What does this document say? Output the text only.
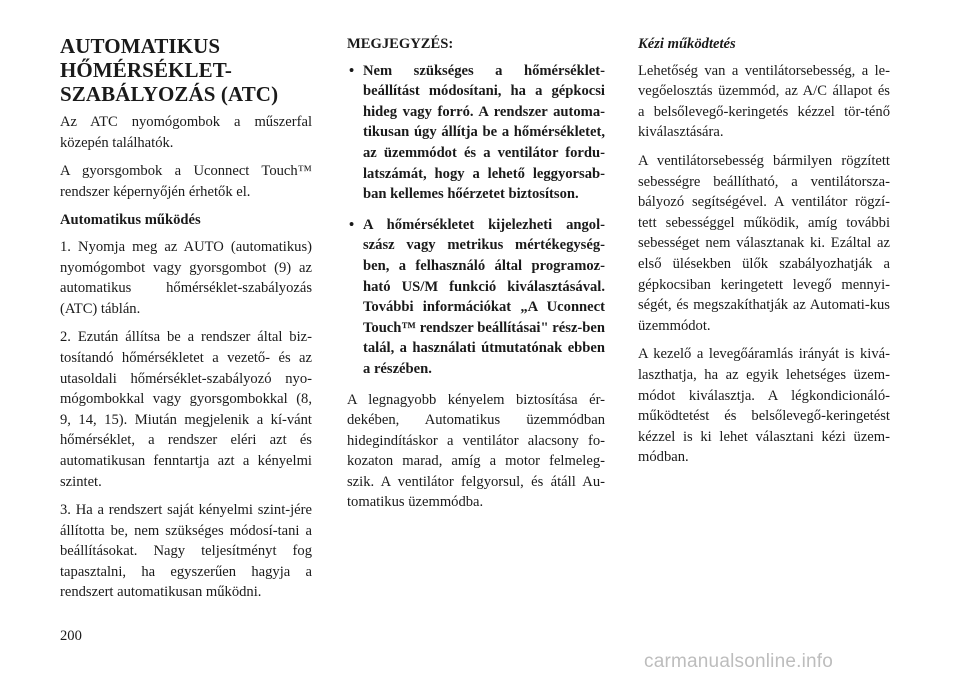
AUTOMATIKUS
HŐMÉRSÉKLET-
SZABÁLYOZÁS (ATC)

Az ATC nyomógombok a műszerfal közepén találhatók.

A gyorsgombok a Uconnect Touch™ rendszer képernyőjén érhetők el.

Automatikus működés

1. Nyomja meg az AUTO (automatikus) nyomógombot vagy gyorsgombot (9) az automatikus hőmérséklet-szabályozás (ATC) táblán.

2. Ezután állítsa be a rendszer által biz-tosítandó hőmérsékletet a vezető- és az utasoldali hőmérséklet-szabályozó nyo-mógombokkal vagy gyorsgombokkal (8, 9, 14, 15). Miután megjelenik a kí-vánt hőmérséklet, a rendszer eléri azt és automatikusan fenntartja azt a kényelmi szintet.

3. Ha a rendszert saját kényelmi szint-jére állította be, nem szükséges módosí-tani a beállításokat. Nagy teljesítményt fog tapasztalni, ha egyszerűen hagyja a rendszert automatikusan működni.

MEGJEGYZÉS:
• Nem szükséges a hőmérséklet-beállítást módosítani, ha a gépkocsi hideg vagy forró. A rendszer automa-tikusan úgy állítja be a hőmérsékletet, az üzemmódot és a ventilátor fordu-latszámát, hogy a lehető leggyorsab-ban kellemes hőérzetet biztosítson.
• A hőmérsékletet kijelezheti angol-szász vagy metrikus mértékegység-ben, a felhasználó által programoz-ható US/M funkció kiválasztásával. További információkat „A Uconnect Touch™ rendszer beállításai" rész-ben talál, a használati útmutatónak ebben a részében.

A legnagyobb kényelem biztosítása ér-dekében, Automatikus üzemmódban hidegindításkor a ventilátor alacsony fo-kozaton marad, amíg a motor felmeleg-szik. A ventilátor felgyorsul, és átáll Au-tomatikus üzemmódba.

Kézi működtetés

Lehetőség van a ventilátorsebesség, a le-vegőelosztás üzemmód, az A/C állapot és a belsőlevegő-keringetés kézzel tör-ténő kiválasztására.

A ventilátorsebesség bármilyen rögzített sebességre beállítható, a ventilátorsza-bályozó segítségével. A ventilátor rögzí-tett sebességgel működik, amíg további sebességet nem választanak ki. Ezáltal az első ülésekben ülők szabályozhatják a gépkocsiban keringetett levegő mennyi-ségét, és megszakíthatják az Automati-kus üzemmódot.

A kezelő a levegőáramlás irányát is kivá-laszthatja, ha az egyik lehetséges üzem-módot kiválasztja. A légkondicionáló-működtetést és belsőlevegő-keringetést kézzel is ki lehet választani kézi üzem-módban.

200
carmanualsonline.info
